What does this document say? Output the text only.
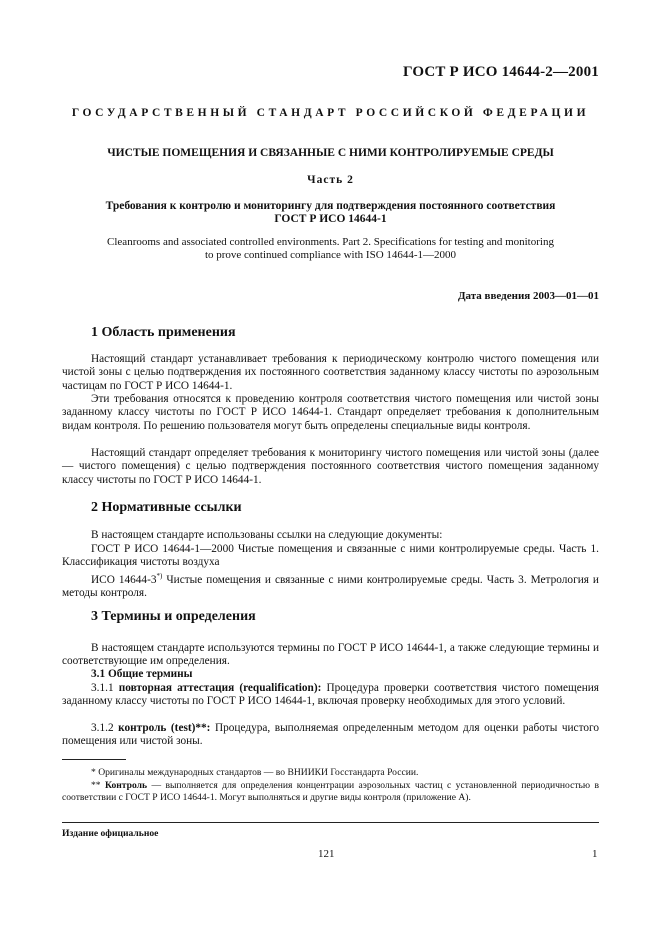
ГОСТ Р ИСО 14644-2—2001
ГОСУДАРСТВЕННЫЙ СТАНДАРТ РОССИЙСКОЙ ФЕДЕРАЦИИ
ЧИСТЫЕ ПОМЕЩЕНИЯ И СВЯЗАННЫЕ С НИМИ КОНТРОЛИРУЕМЫЕ СРЕДЫ
Часть 2
Требования к контролю и мониторингу для подтверждения постоянного соответствия
ГОСТ Р ИСО 14644-1
Cleanrooms and associated controlled environments. Part 2. Specifications for testing and monitoring
to prove continued compliance with ISO 14644-1—2000
Дата введения 2003—01—01
1 Область применения

Настоящий стандарт устанавливает требования к периодическому контролю чистого помещения или чистой зоны с целью подтверждения их постоянного соответствия заданному классу чистоты по аэрозольным частицам по ГОСТ Р ИСО 14644-1.

Эти требования относятся к проведению контроля соответствия чистого помещения или чистой зоны заданному классу чистоты по ГОСТ Р ИСО 14644-1. Стандарт определяет требования к дополнительным видам контроля. По решению пользователя могут быть определены специальные виды контроля.

Настоящий стандарт определяет требования к мониторингу чистого помещения или чистой зоны (далее — чистого помещения) с целью подтверждения постоянного соответствия чистого помещения заданному классу чистоты по ГОСТ Р ИСО 14644-1.

2 Нормативные ссылки

В настоящем стандарте использованы ссылки на следующие документы:

ГОСТ Р ИСО 14644-1—2000 Чистые помещения и связанные с ними контролируемые среды. Часть 1. Классификация чистоты воздуха

ИСО 14644-3*) Чистые помещения и связанные с ними контролируемые среды. Часть 3. Метрология и методы контроля.

3 Термины и определения

В настоящем стандарте используются термины по ГОСТ Р ИСО 14644-1, а также следующие термины и соответствующие им определения.

3.1 Общие термины

3.1.1 повторная аттестация (requalification): Процедура проверки соответствия чистого помещения заданному классу чистоты по ГОСТ Р ИСО 14644-1, включая проверку необходимых для этого условий.

3.1.2 контроль (test)**: Процедура, выполняемая определенным методом для оценки работы чистого помещения или чистой зоны.

* Оригиналы международных стандартов — во ВНИИКИ Госстандарта России.

** Контроль — выполняется для определения концентрации аэрозольных частиц с установленной периодичностью в соответствии с ГОСТ Р ИСО 14644-1. Могут выполняться и другие виды контроля (приложение А).

Издание официальное
121	1
